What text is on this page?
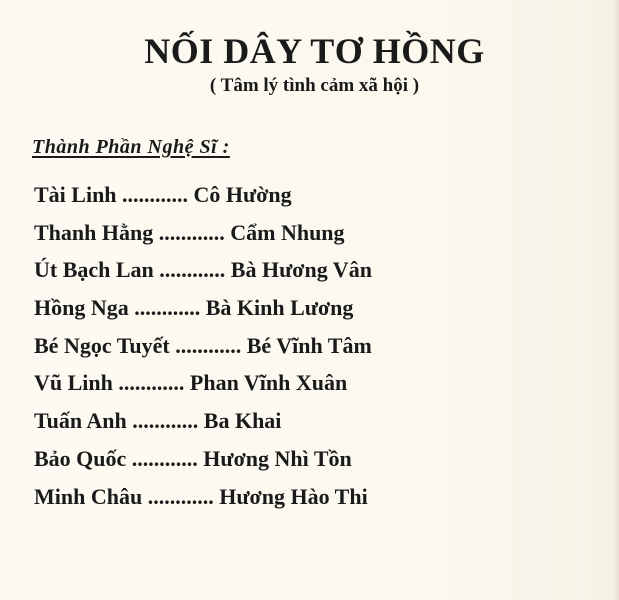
NỐI DÂY TƠ HỒNG
( Tâm lý tình cảm xã hội )
Thành Phần Nghệ Sĩ :
Tài Linh ............ Cô Hường
Thanh Hằng ............ Cẩm Nhung
Út Bạch Lan ............ Bà Hương Vân
Hồng Nga ............ Bà Kinh Lương
Bé Ngọc Tuyết ............ Bé Vĩnh Tâm
Vũ Linh ............ Phan Vĩnh Xuân
Tuấn Anh ............ Ba Khai
Bảo Quốc ............ Hương Nhì Tồn
Minh Châu ............ Hương Hào Thi
